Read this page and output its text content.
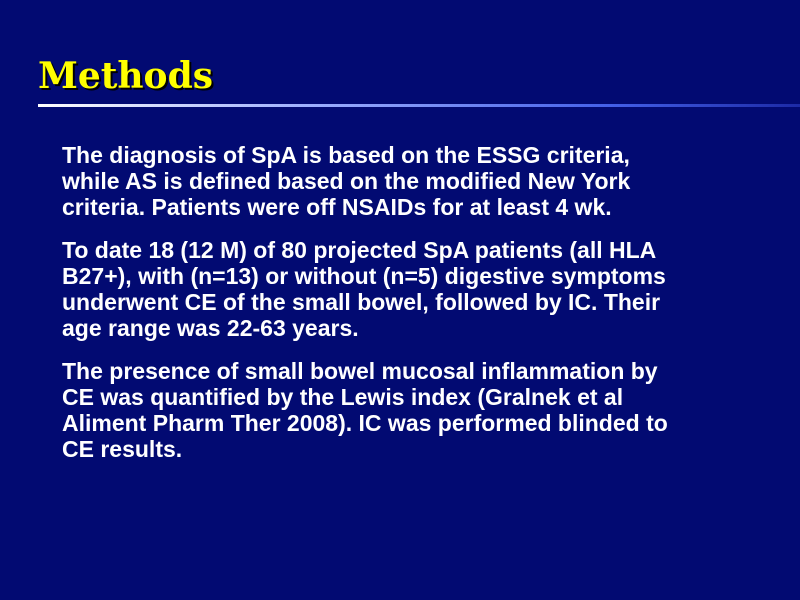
Methods

The diagnosis of SpA is based on the ESSG criteria,
while AS is defined based on the modified New York
criteria. Patients were off NSAIDs for at least 4 wk.

To date 18 (12 M) of 80 projected SpA patients (all HLA
B27+), with (n=13) or without (n=5) digestive symptoms
underwent CE of the small bowel, followed by IC. Their
age range was 22-63 years.

The presence of small bowel mucosal inflammation by
CE was quantified by the Lewis index (Gralnek et al
Aliment Pharm Ther 2008). IC was performed blinded to
CE results.
